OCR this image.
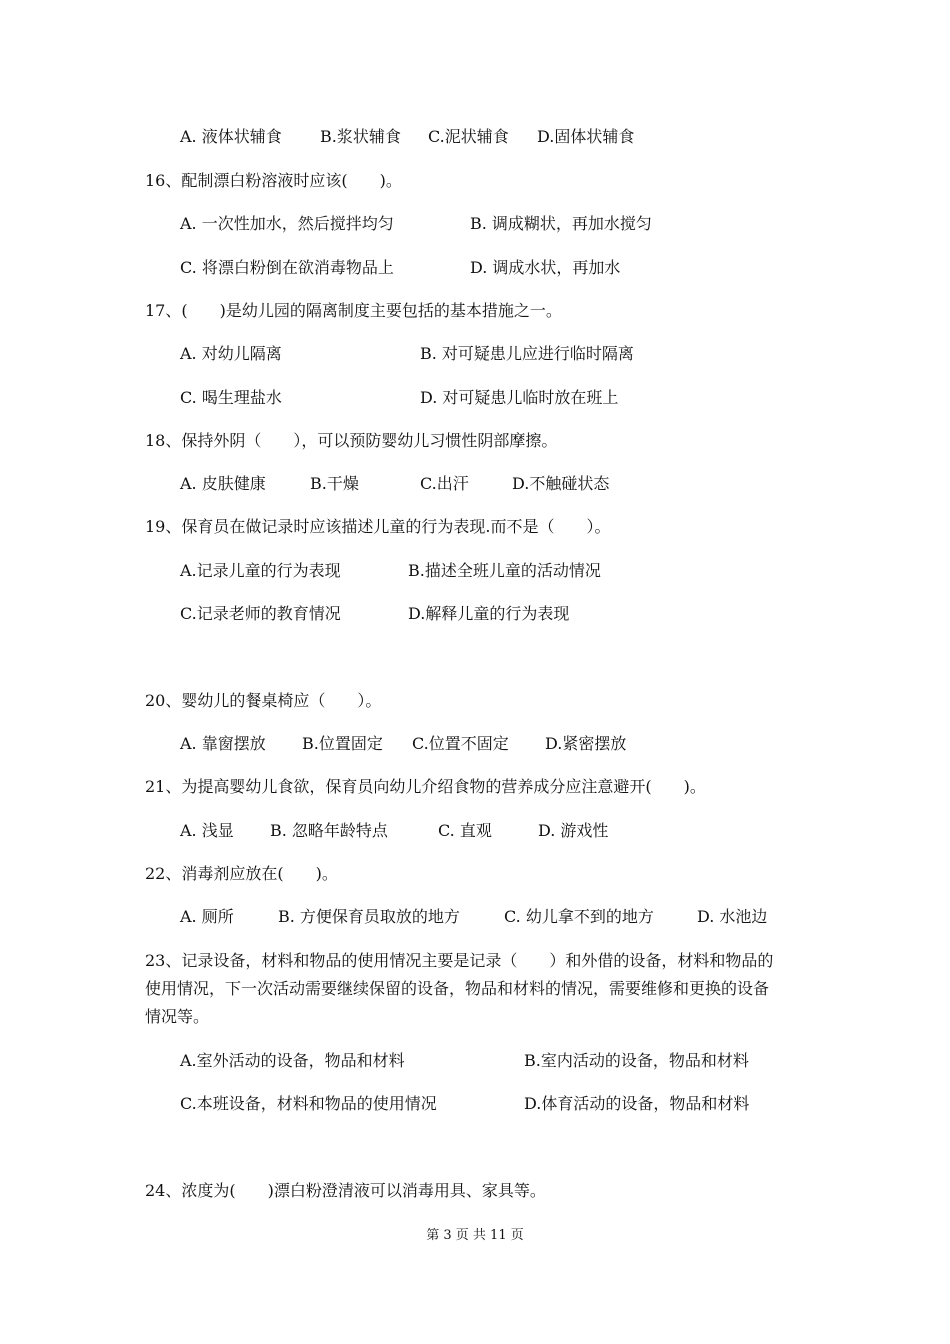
A. 液体状辅食 B.浆状辅食 C.泥状辅食 D.固体状辅食
16、配制漂白粉溶液时应该(　　)。
A. 一次性加水，然后搅拌均匀	B. 调成糊状，再加水搅匀
C. 将漂白粉倒在欲消毒物品上	D. 调成水状，再加水
17、(　　)是幼儿园的隔离制度主要包括的基本措施之一。
A. 对幼儿隔离	B. 对可疑患儿应进行临时隔离
C. 喝生理盐水	D. 对可疑患儿临时放在班上
18、保持外阴（　　），可以预防婴幼儿习惯性阴部摩擦。
A. 皮肤健康	B.干燥	C.出汗	D.不触碰状态
19、保育员在做记录时应该描述儿童的行为表现.而不是（　　）。
A.记录儿童的行为表现	B.描述全班儿童的活动情况
C.记录老师的教育情况	D.解释儿童的行为表现
20、婴幼儿的餐桌椅应（　　）。
A. 靠窗摆放 B.位置固定 C.位置不固定 D.紧密摆放
21、为提高婴幼儿食欲，保育员向幼儿介绍食物的营养成分应注意避开(　　)。
A. 浅显 B. 忽略年龄特点	C. 直观	D. 游戏性
22、消毒剂应放在(　　)。
A. 厕所	B. 方便保育员取放的地方	C. 幼儿拿不到的地方	D. 水池边
23、记录设备，材料和物品的使用情况主要是记录（　　）和外借的设备，材料和物品的
使用情况，下一次活动需要继续保留的设备，物品和材料的情况，需要维修和更换的设备
情况等。
A.室外活动的设备，物品和材料	B.室内活动的设备，物品和材料
C.本班设备，材料和物品的使用情况	D.体育活动的设备，物品和材料
24、浓度为(　　)漂白粉澄清液可以消毒用具、家具等。
第 3 页 共 11 页
